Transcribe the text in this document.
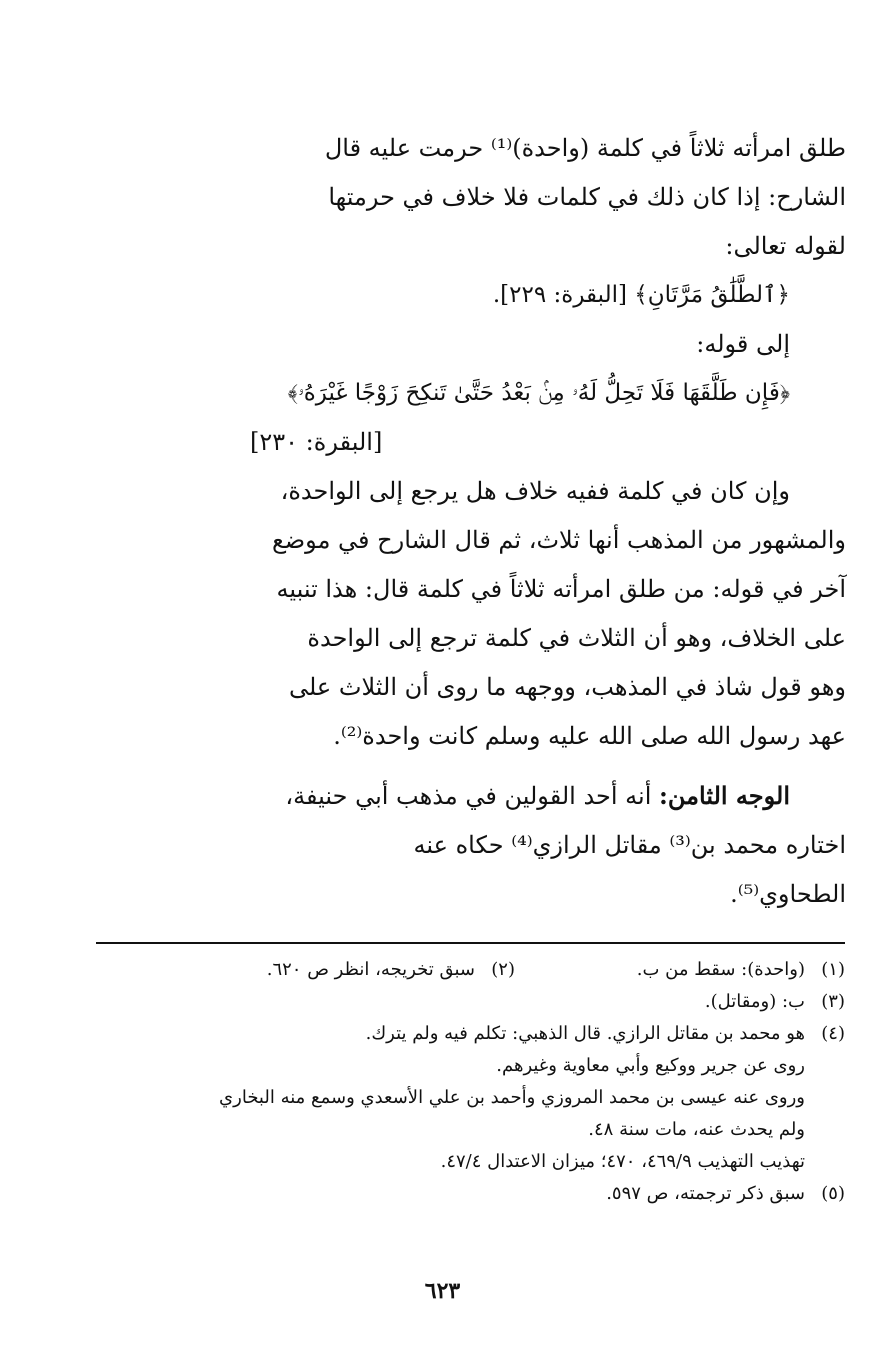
طلق امرأته ثلاثاً في كلمة (واحدة)⁽¹⁾ حرمت عليه قال

الشارح: إذا كان ذلك في كلمات فلا خلاف في حرمتها

لقوله تعالى:

﴿ٱلطَّلَٰقُ مَرَّتَانِ﴾ [البقرة: ٢٢٩].

إلى قوله:

﴿فَإِن طَلَّقَهَا فَلَا تَحِلُّ لَهُۥ مِنۢ بَعْدُ حَتَّىٰ تَنكِحَ زَوْجًا غَيْرَهُۥ﴾

[البقرة: ٢٣٠]

وإن كان في كلمة ففيه خلاف هل يرجع إلى الواحدة،

والمشهور من المذهب أنها ثلاث، ثم قال الشارح في موضع

آخر في قوله: من طلق امرأته ثلاثاً في كلمة قال: هذا تنبيه

على الخلاف، وهو أن الثلاث في كلمة ترجع إلى الواحدة

وهو قول شاذ في المذهب، ووجهه ما روى أن الثلاث على

عهد رسول الله صلى الله عليه وسلم كانت واحدة⁽²⁾.

الوجه الثامن: أنه أحد القولين في مذهب أبي حنيفة،

اختاره محمد بن⁽³⁾ مقاتل الرازي⁽⁴⁾ حكاه عنه

الطحاوي⁽⁵⁾.

(١)(واحدة): سقط من ب.
(٢)سبق تخريجه، انظر ص ٦٢٠.
(٣)ب: (ومقاتل).
(٤)هو محمد بن مقاتل الرازي. قال الذهبي: تكلم فيه ولم يترك.
روى عن جرير ووكيع وأبي معاوية وغيرهم.
وروى عنه عيسى بن محمد المروزي وأحمد بن علي الأسعدي وسمع منه البخاري
ولم يحدث عنه، مات سنة ٤٨.
تهذيب التهذيب ٤٦٩/٩، ٤٧٠؛ ميزان الاعتدال ٤٧/٤.
(٥)سبق ذكر ترجمته، ص ٥٩٧.
٦٢٣
